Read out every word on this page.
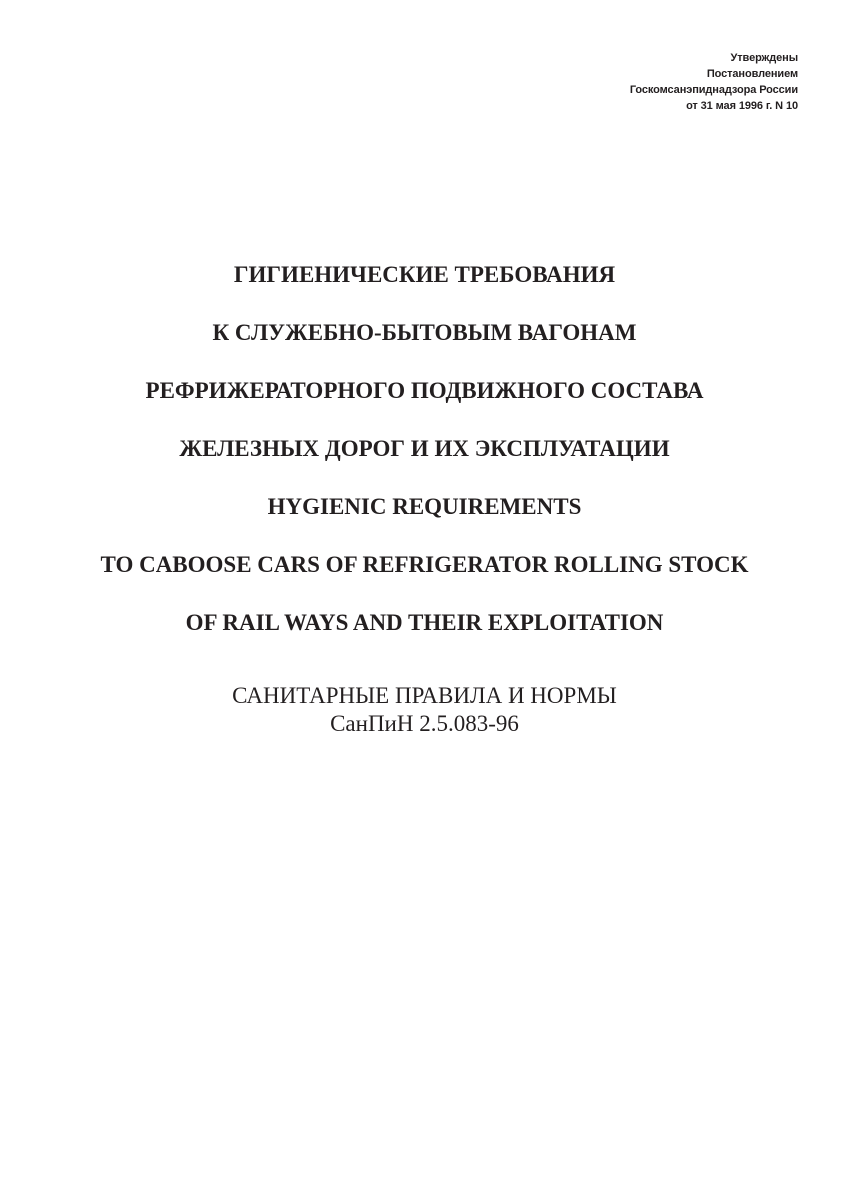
Утверждены
Постановлением
Госкомсанэпиднадзора России
от 31 мая 1996 г. N 10
ГИГИЕНИЧЕСКИЕ ТРЕБОВАНИЯ
К СЛУЖЕБНО-БЫТОВЫМ ВАГОНАМ
РЕФРИЖЕРАТОРНОГО ПОДВИЖНОГО СОСТАВА
ЖЕЛЕЗНЫХ ДОРОГ И ИХ ЭКСПЛУАТАЦИИ
HYGIENIC REQUIREMENTS
TO CABOOSE CARS OF REFRIGERATOR ROLLING STOCK
OF RAIL WAYS AND THEIR EXPLOITATION
САНИТАРНЫЕ ПРАВИЛА И НОРМЫ
СанПиН 2.5.083-96
